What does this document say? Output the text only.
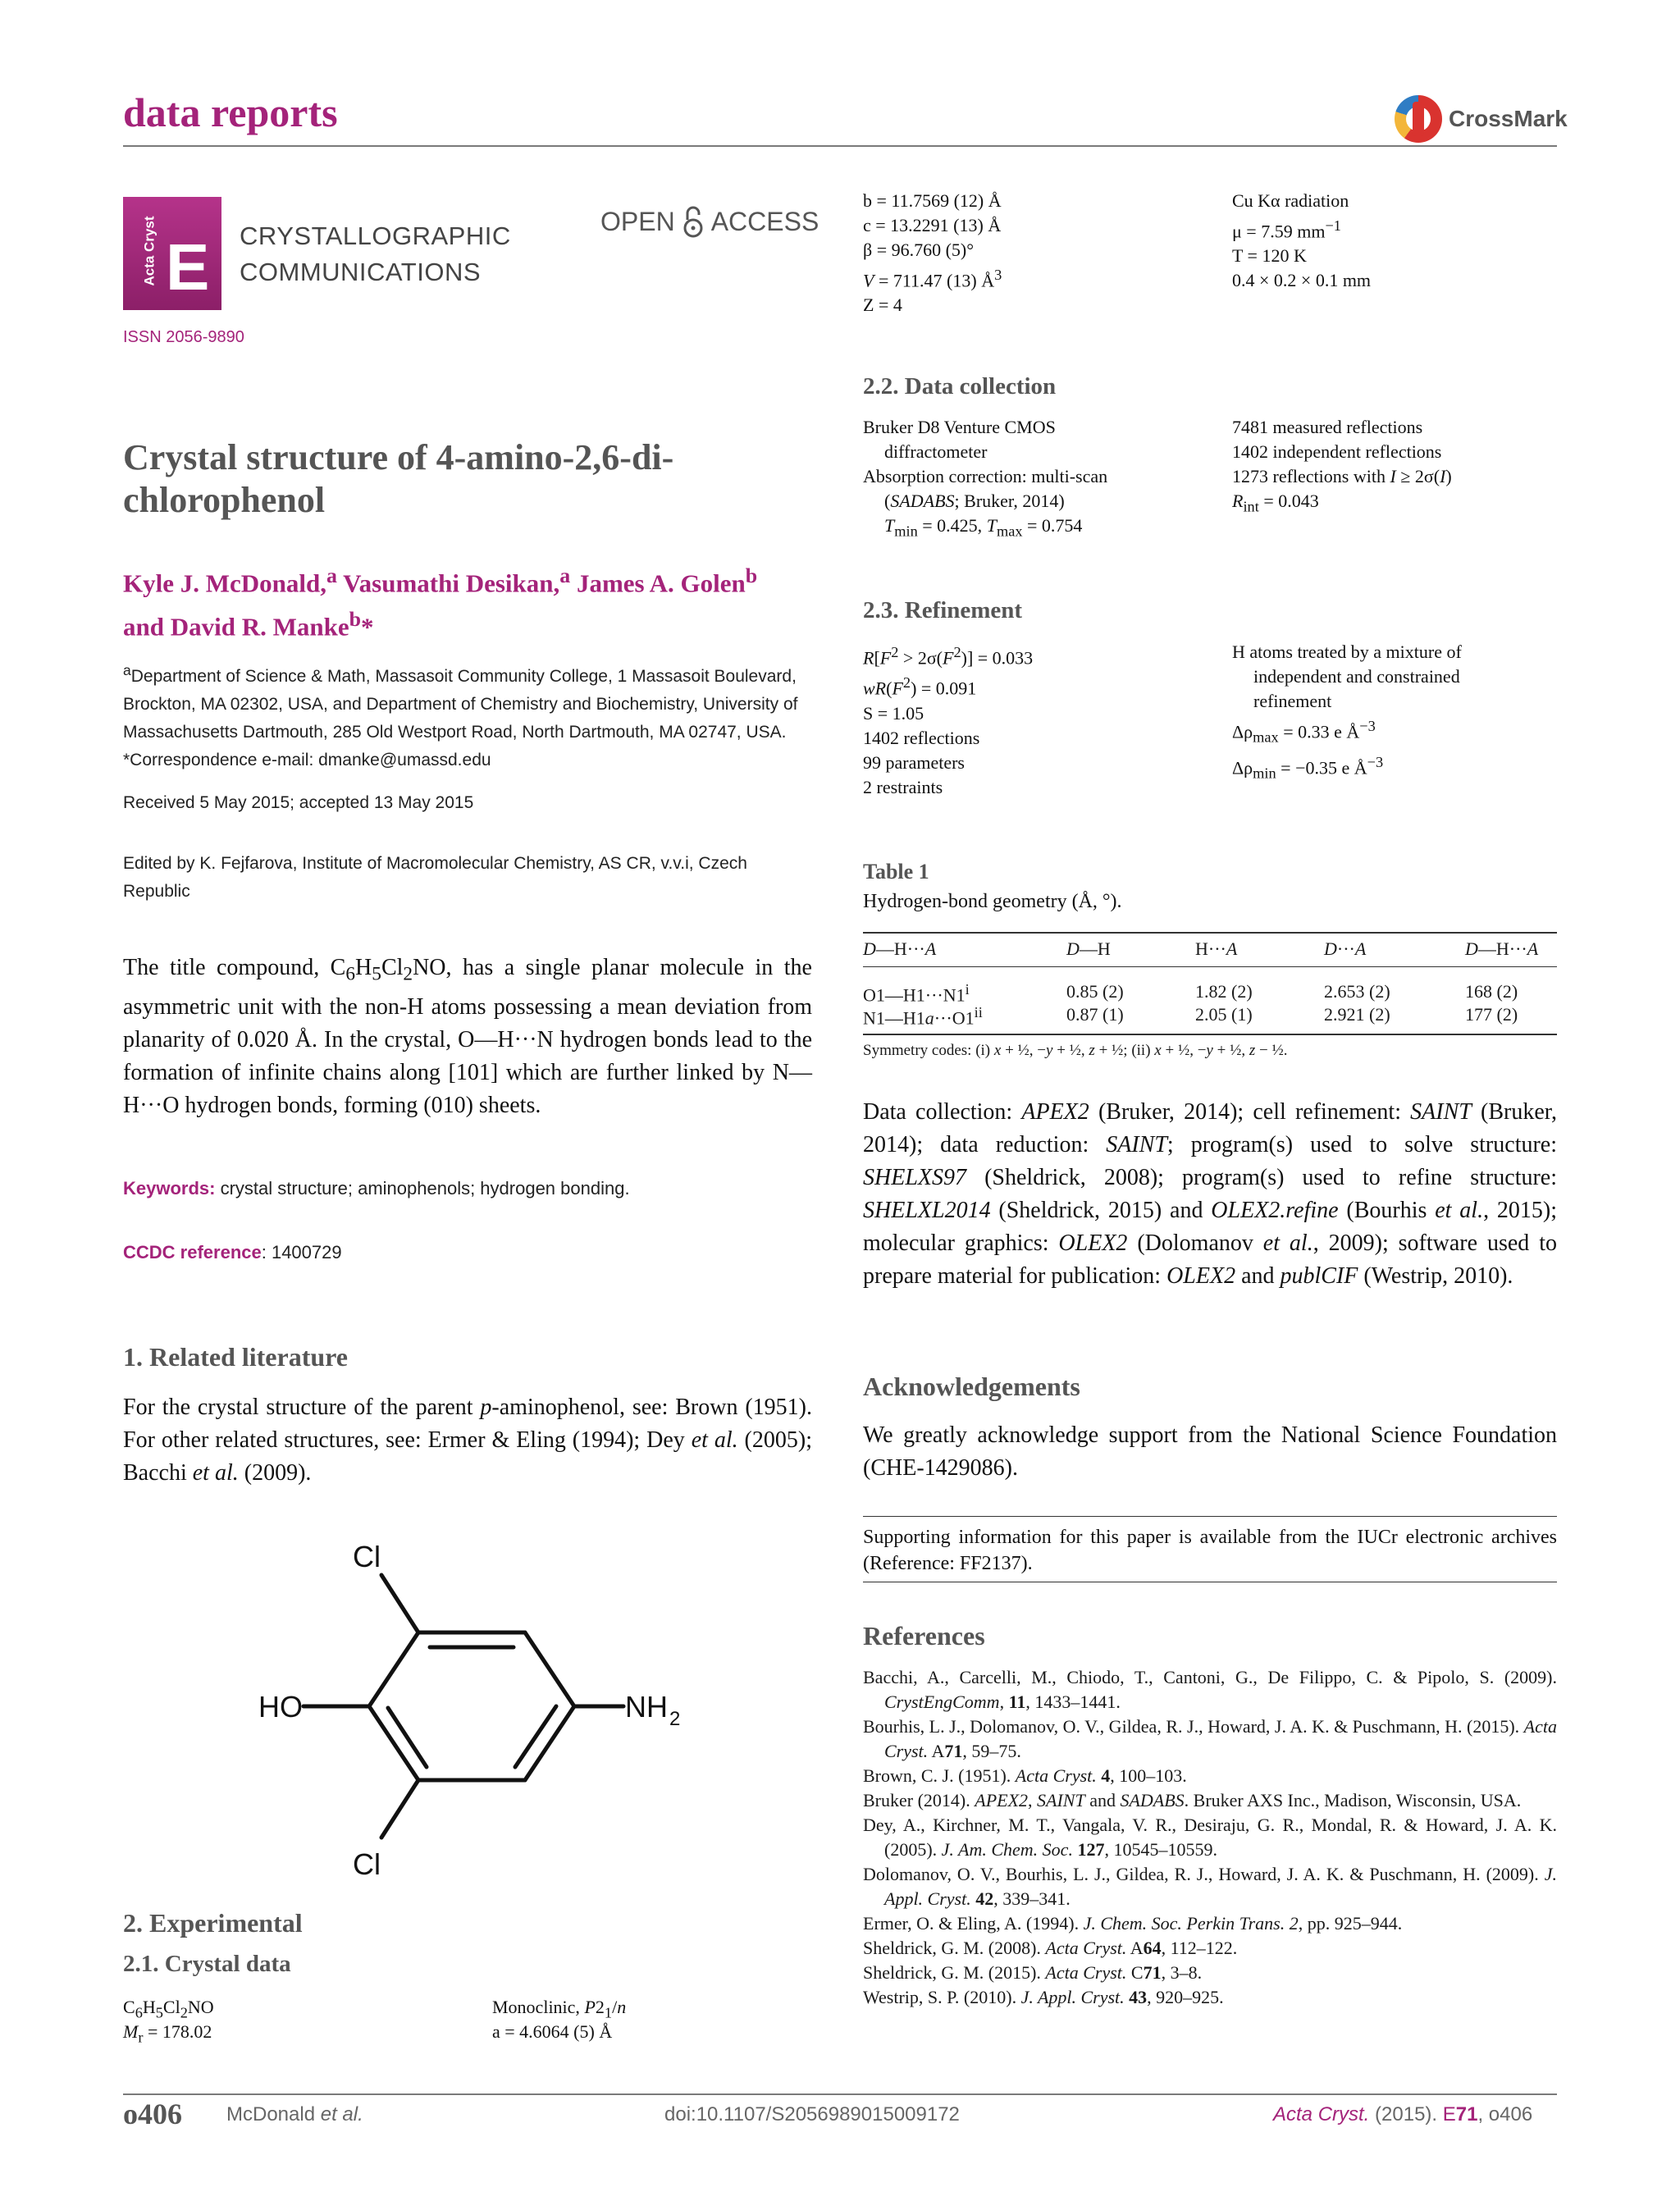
data reports	CrossMark
Acta Cryst E CRYSTALLOGRAPHIC
COMMUNICATIONS
OPEN ACCESS
ISSN 2056-9890
Crystal structure of 4-amino-2,6-di-
chlorophenol
Kyle J. McDonald,$^a$ Vasumathi Desikan,$^a$ James A. Golen$^b$
and David R. Manke$^b$*
$^a$Department of Science & Math, Massasoit Community College, 1 Massasoit Boulevard, Brockton, MA 02302, USA, and Department of Chemistry and Biochemistry, University of Massachusetts Dartmouth, 285 Old Westport Road, North Dartmouth, MA 02747, USA. *Correspondence e-mail: dmanke@umassd.edu
Received 5 May 2015; accepted 13 May 2015
Edited by K. Fejfarova, Institute of Macromolecular Chemistry, AS CR, v.v.i, Czech Republic
The title compound, $C_6H_5Cl_2NO$, has a single planar molecule in the asymmetric unit with the non-H atoms possessing a mean deviation from planarity of 0.020 Å. In the crystal, O—H···N hydrogen bonds lead to the formation of infinite chains along [101] which are further linked by N—H···O hydrogen bonds, forming (010) sheets.
Keywords: crystal structure; aminophenols; hydrogen bonding.
CCDC reference: 1400729
1. Related literature
For the crystal structure of the parent p-aminophenol, see: Brown (1951). For other related structures, see: Ermer & Eling (1994); Dey et al. (2005); Bacchi et al. (2009).
Cl
Cl
HO	NH 2
2. Experimental
2.1. Crystal data
$C_6H_5Cl_2NO$
$M_r = 178.02$
Monoclinic, $P2_1/n$
a = 4.6064 (5) Å
b = 11.7569 (12) Å
c = 13.2291 (13) Å
β = 96.760 (5)°
V = 711.47 (13) $Å^3$
Z = 4
Cu Kα radiation
μ = 7.59 $mm^{-1}$
T = 120 K
0.4 × 0.2 × 0.1 mm
2.2. Data collection
Bruker D8 Venture CMOS
diffractometer
Absorption correction: multi-scan
(SADABS; Bruker, 2014)
$T_{min} = 0.425$, $T_{max} = 0.754$
7481 measured reflections
1402 independent reflections
1273 reflections with I ≥ 2σ(I)
$R_{int} = 0.043$
2.3. Refinement
$R[F^2 > 2\sigma(F^2)] = 0.033$
$wR(F^2) = 0.091$
S = 1.05
1402 reflections
99 parameters
2 restraints
H atoms treated by a mixture of
independent and constrained
refinement
$\Delta\rho_{max} = 0.33$ e $Å^{-3}$
$\Delta\rho_{min} = -0.35$ e $Å^{-3}$
Table 1
Hydrogen-bond geometry (Å, °).
D—H···A	D—H	H···A	D···A	D—H···A
$O1—H1\cdot\cdot\cdot N1^i$	0.85 (2)	1.82 (2)	2.653 (2)	168 (2)
$N1—H1a\cdot\cdot\cdot O1^{ii}$	0.87 (1)	2.05 (1)	2.921 (2)	177 (2)
Symmetry codes: (i) x + ½, −y + ½, z + ½; (ii) x + ½, −y + ½, z − ½.
Data collection: APEX2 (Bruker, 2014); cell refinement: SAINT (Bruker, 2014); data reduction: SAINT; program(s) used to solve structure: SHELXS97 (Sheldrick, 2008); program(s) used to refine structure: SHELXL2014 (Sheldrick, 2015) and OLEX2.refine (Bourhis et al., 2015); molecular graphics: OLEX2 (Dolomanov et al., 2009); software used to prepare material for publication: OLEX2 and publCIF (Westrip, 2010).
Acknowledgements
We greatly acknowledge support from the National Science Foundation (CHE-1429086).
Supporting information for this paper is available from the IUCr electronic archives (Reference: FF2137).
References
Bacchi, A., Carcelli, M., Chiodo, T., Cantoni, G., De Filippo, C. & Pipolo, S. (2009). CrystEngComm, 11, 1433–1441.
Bourhis, L. J., Dolomanov, O. V., Gildea, R. J., Howard, J. A. K. & Puschmann, H. (2015). Acta Cryst. A71, 59–75.
Brown, C. J. (1951). Acta Cryst. 4, 100–103.
Bruker (2014). APEX2, SAINT and SADABS. Bruker AXS Inc., Madison, Wisconsin, USA.
Dey, A., Kirchner, M. T., Vangala, V. R., Desiraju, G. R., Mondal, R. & Howard, J. A. K. (2005). J. Am. Chem. Soc. 127, 10545–10559.
Dolomanov, O. V., Bourhis, L. J., Gildea, R. J., Howard, J. A. K. & Puschmann, H. (2009). J. Appl. Cryst. 42, 339–341.
Ermer, O. & Eling, A. (1994). J. Chem. Soc. Perkin Trans. 2, pp. 925–944.
Sheldrick, G. M. (2008). Acta Cryst. A64, 112–122.
Sheldrick, G. M. (2015). Acta Cryst. C71, 3–8.
Westrip, S. P. (2010). J. Appl. Cryst. 43, 920–925.
o406 McDonald et al.	doi:10.1107/S2056989015009172	Acta Cryst. (2015). E71, o406
